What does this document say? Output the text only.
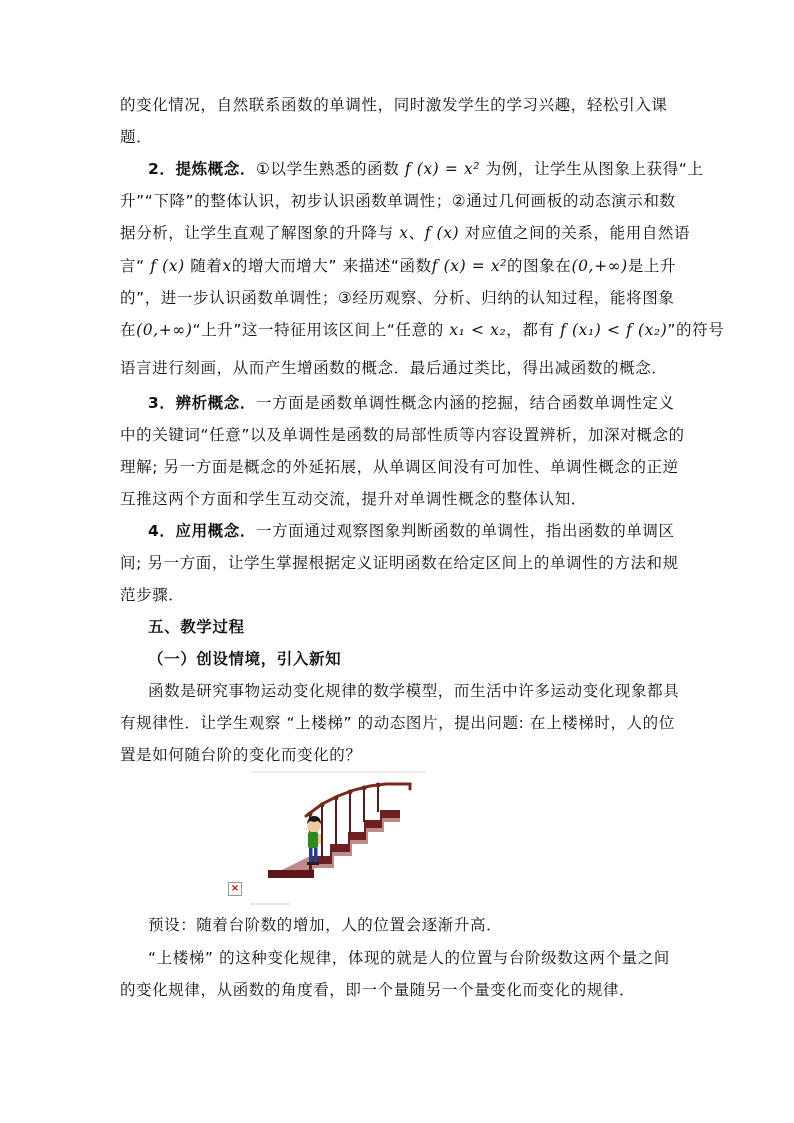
的变化情况，自然联系函数的单调性，同时激发学生的学习兴趣，轻松引入课
题．
2．提炼概念．①以学生熟悉的函数 f (x) = x² 为例，让学生从图象上获得“上
升”“下降”的整体认识，初步认识函数单调性；②通过几何画板的动态演示和数
据分析，让学生直观了解图象的升降与 x、f (x) 对应值之间的关系，能用自然语
言“ f (x) 随着x的增大而增大” 来描述“函数f (x) = x²的图象在(0,+∞)是上升
的”，进一步认识函数单调性；③经历观察、分析、归纳的认知过程，能将图象
在(0,+∞)“上升”这一特征用该区间上“任意的 x₁ < x₂，都有 f (x₁) < f (x₂)”的符号
语言进行刻画，从而产生增函数的概念．最后通过类比，得出减函数的概念．
3．辨析概念．一方面是函数单调性概念内涵的挖掘，结合函数单调性定义
中的关键词“任意”以及单调性是函数的局部性质等内容设置辨析，加深对概念的
理解; 另一方面是概念的外延拓展，从单调区间没有可加性、单调性概念的正逆
互推这两个方面和学生互动交流，提升对单调性概念的整体认知．
4．应用概念．一方面通过观察图象判断函数的单调性，指出函数的单调区
间; 另一方面，让学生掌握根据定义证明函数在给定区间上的单调性的方法和规
范步骤．
五、教学过程
（一）创设情境，引入新知
函数是研究事物运动变化规律的数学模型，而生活中许多运动变化现象都具
有规律性．让学生观察 “上楼梯” 的动态图片，提出问题: 在上楼梯时，人的位
置是如何随台阶的变化而变化的？
×
预设：随着台阶数的增加，人的位置会逐渐升高．
“上楼梯” 的这种变化规律，体现的就是人的位置与台阶级数这两个量之间
的变化规律，从函数的角度看，即一个量随另一个量变化而变化的规律．
